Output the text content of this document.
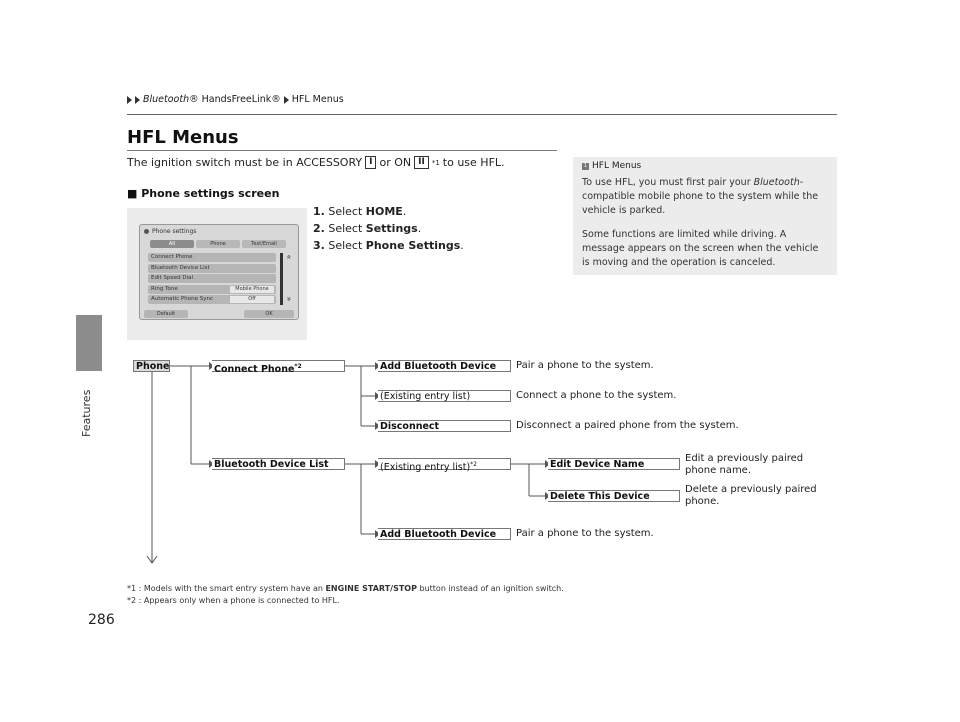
Features
Bluetooth® HandsFreeLink® HFL Menus
HFL Menus
The ignition switch must be in ACCESSORY I or ON II	*1 to use HFL.
■ Phone settings screen
1. Select HOME.
2. Select Settings.
3. Select Phone Settings.
Phone settings
All	Phone	Text/Email
Connect Phone
Bluetooth Device List
Edit Speed Dial
Ring Tone	Mobile Phone
Automatic Phone Sync	Off
«
»
Default	OK
1 HFL Menus

To use HFL, you must first pair your Bluetooth-compatible mobile phone to the system while the vehicle is parked.

Some functions are limited while driving. A message appears on the screen when the vehicle is moving and the operation is canceled.

Phone	Connect Phone$^{*2}$	Add Bluetooth Device	Pair a phone to the system.
(Existing entry list)	Connect a phone to the system.
Disconnect	Disconnect a paired phone from the system.
Bluetooth Device List	(Existing entry list)$^{*2}$	Edit Device Name
Edit a previously paired
phone name.
Delete This Device
Delete a previously paired
phone.
Add Bluetooth Device	Pair a phone to the system.
*1 : Models with the smart entry system have an ENGINE START/STOP button instead of an ignition switch.
*2 : Appears only when a phone is connected to HFL.
286
